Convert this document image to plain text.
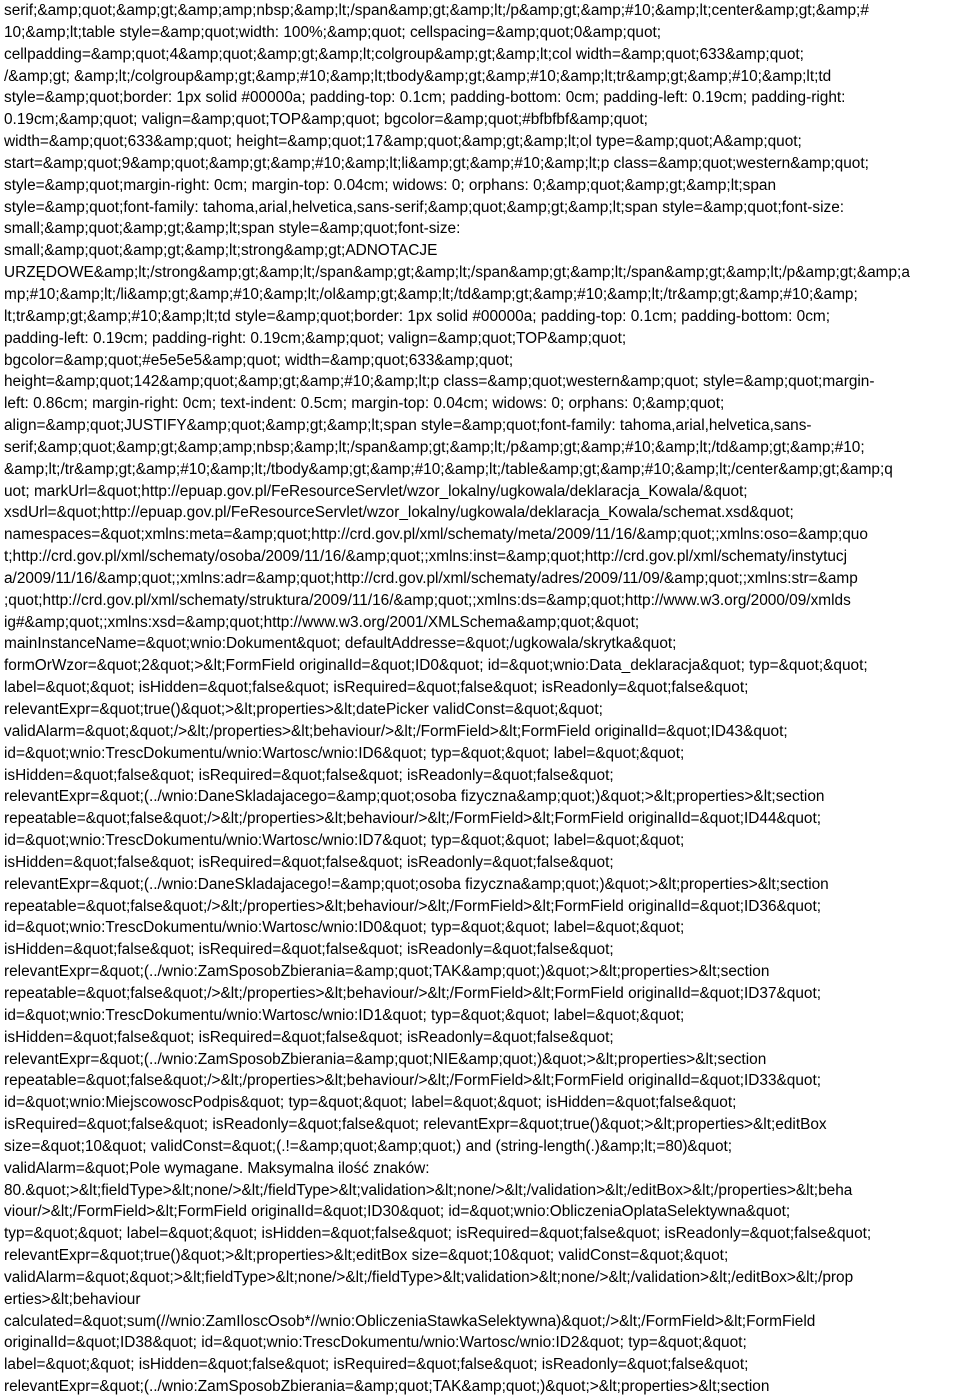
serif;&amp;quot;&amp;gt;&amp;amp;nbsp;&amp;lt;/span&amp;gt;&amp;lt;/p&amp;gt;&amp;#10;&amp;lt;center&amp;gt;&amp;#
10;&amp;lt;table style=&amp;quot;width: 100%;&amp;quot; cellspacing=&amp;quot;0&amp;quot;
cellpadding=&amp;quot;4&amp;quot;&amp;gt;&amp;lt;colgroup&amp;gt;&amp;lt;col width=&amp;quot;633&amp;quot;
/&amp;gt; &amp;lt;/colgroup&amp;gt;&amp;#10;&amp;lt;tbody&amp;gt;&amp;#10;&amp;lt;tr&amp;gt;&amp;#10;&amp;lt;td
style=&amp;quot;border: 1px solid #00000a; padding-top: 0.1cm; padding-bottom: 0cm; padding-left: 0.19cm; padding-right:
0.19cm;&amp;quot; valign=&amp;quot;TOP&amp;quot; bgcolor=&amp;quot;#bfbfbf&amp;quot;
width=&amp;quot;633&amp;quot; height=&amp;quot;17&amp;quot;&amp;gt;&amp;lt;ol type=&amp;quot;A&amp;quot;
start=&amp;quot;9&amp;quot;&amp;gt;&amp;#10;&amp;lt;li&amp;gt;&amp;#10;&amp;lt;p class=&amp;quot;western&amp;quot;
style=&amp;quot;margin-right: 0cm; margin-top: 0.04cm; widows: 0; orphans: 0;&amp;quot;&amp;gt;&amp;lt;span
style=&amp;quot;font-family: tahoma,arial,helvetica,sans-serif;&amp;quot;&amp;gt;&amp;lt;span style=&amp;quot;font-size:
small;&amp;quot;&amp;gt;&amp;lt;span style=&amp;quot;font-size:
small;&amp;quot;&amp;gt;&amp;lt;strong&amp;gt;ADNOTACJE
URZĘDOWE&amp;lt;/strong&amp;gt;&amp;lt;/span&amp;gt;&amp;lt;/span&amp;gt;&amp;lt;/span&amp;gt;&amp;lt;/p&amp;gt;&amp;a
mp;#10;&amp;lt;/li&amp;gt;&amp;#10;&amp;lt;/ol&amp;gt;&amp;lt;/td&amp;gt;&amp;#10;&amp;lt;/tr&amp;gt;&amp;#10;&amp;
lt;tr&amp;gt;&amp;#10;&amp;lt;td style=&amp;quot;border: 1px solid #00000a; padding-top: 0.1cm; padding-bottom: 0cm;
padding-left: 0.19cm; padding-right: 0.19cm;&amp;quot; valign=&amp;quot;TOP&amp;quot;
bgcolor=&amp;quot;#e5e5e5&amp;quot; width=&amp;quot;633&amp;quot;
height=&amp;quot;142&amp;quot;&amp;gt;&amp;#10;&amp;lt;p class=&amp;quot;western&amp;quot; style=&amp;quot;margin-
left: 0.86cm; margin-right: 0cm; text-indent: 0.5cm; margin-top: 0.04cm; widows: 0; orphans: 0;&amp;quot;
align=&amp;quot;JUSTIFY&amp;quot;&amp;gt;&amp;lt;span style=&amp;quot;font-family: tahoma,arial,helvetica,sans-
serif;&amp;quot;&amp;gt;&amp;amp;nbsp;&amp;lt;/span&amp;gt;&amp;lt;/p&amp;gt;&amp;#10;&amp;lt;/td&amp;gt;&amp;#10;
&amp;lt;/tr&amp;gt;&amp;#10;&amp;lt;/tbody&amp;gt;&amp;#10;&amp;lt;/table&amp;gt;&amp;#10;&amp;lt;/center&amp;gt;&amp;q
uot; markUrl=&quot;http://epuap.gov.pl/FeResourceServlet/wzor_lokalny/ugkowala/deklaracja_Kowala/&quot;
xsdUrl=&quot;http://epuap.gov.pl/FeResourceServlet/wzor_lokalny/ugkowala/deklaracja_Kowala/schemat.xsd&quot;
namespaces=&quot;xmlns:meta=&amp;quot;http://crd.gov.pl/xml/schematy/meta/2009/11/16/&amp;quot;;xmlns:oso=&amp;quo
t;http://crd.gov.pl/xml/schematy/osoba/2009/11/16/&amp;quot;;xmlns:inst=&amp;quot;http://crd.gov.pl/xml/schematy/instytucj
a/2009/11/16/&amp;quot;;xmlns:adr=&amp;quot;http://crd.gov.pl/xml/schematy/adres/2009/11/09/&amp;quot;;xmlns:str=&amp
;quot;http://crd.gov.pl/xml/schematy/struktura/2009/11/16/&amp;quot;;xmlns:ds=&amp;quot;http://www.w3.org/2000/09/xmlds
ig#&amp;quot;;xmlns:xsd=&amp;quot;http://www.w3.org/2001/XMLSchema&amp;quot;&quot;
mainInstanceName=&quot;wnio:Dokument&quot; defaultAddresse=&quot;/ugkowala/skrytka&quot;
formOrWzor=&quot;2&quot;>&lt;FormField originalId=&quot;ID0&quot; id=&quot;wnio:Data_deklaracja&quot; typ=&quot;&quot;
label=&quot;&quot; isHidden=&quot;false&quot; isRequired=&quot;false&quot; isReadonly=&quot;false&quot;
relevantExpr=&quot;true()&quot;>&lt;properties>&lt;datePicker validConst=&quot;&quot;
validAlarm=&quot;&quot;/>&lt;/properties>&lt;behaviour/>&lt;/FormField>&lt;FormField originalId=&quot;ID43&quot;
id=&quot;wnio:TrescDokumentu/wnio:Wartosc/wnio:ID6&quot; typ=&quot;&quot; label=&quot;&quot;
isHidden=&quot;false&quot; isRequired=&quot;false&quot; isReadonly=&quot;false&quot;
relevantExpr=&quot;(../wnio:DaneSkladajacego=&amp;quot;osoba fizyczna&amp;quot;)&quot;>&lt;properties>&lt;section
repeatable=&quot;false&quot;/>&lt;/properties>&lt;behaviour/>&lt;/FormField>&lt;FormField originalId=&quot;ID44&quot;
id=&quot;wnio:TrescDokumentu/wnio:Wartosc/wnio:ID7&quot; typ=&quot;&quot; label=&quot;&quot;
isHidden=&quot;false&quot; isRequired=&quot;false&quot; isReadonly=&quot;false&quot;
relevantExpr=&quot;(../wnio:DaneSkladajacego!=&amp;quot;osoba fizyczna&amp;quot;)&quot;>&lt;properties>&lt;section
repeatable=&quot;false&quot;/>&lt;/properties>&lt;behaviour/>&lt;/FormField>&lt;FormField originalId=&quot;ID36&quot;
id=&quot;wnio:TrescDokumentu/wnio:Wartosc/wnio:ID0&quot; typ=&quot;&quot; label=&quot;&quot;
isHidden=&quot;false&quot; isRequired=&quot;false&quot; isReadonly=&quot;false&quot;
relevantExpr=&quot;(../wnio:ZamSposobZbierania=&amp;quot;TAK&amp;quot;)&quot;>&lt;properties>&lt;section
repeatable=&quot;false&quot;/>&lt;/properties>&lt;behaviour/>&lt;/FormField>&lt;FormField originalId=&quot;ID37&quot;
id=&quot;wnio:TrescDokumentu/wnio:Wartosc/wnio:ID1&quot; typ=&quot;&quot; label=&quot;&quot;
isHidden=&quot;false&quot; isRequired=&quot;false&quot; isReadonly=&quot;false&quot;
relevantExpr=&quot;(../wnio:ZamSposobZbierania=&amp;quot;NIE&amp;quot;)&quot;>&lt;properties>&lt;section
repeatable=&quot;false&quot;/>&lt;/properties>&lt;behaviour/>&lt;/FormField>&lt;FormField originalId=&quot;ID33&quot;
id=&quot;wnio:MiejscowoscPodpis&quot; typ=&quot;&quot; label=&quot;&quot; isHidden=&quot;false&quot;
isRequired=&quot;false&quot; isReadonly=&quot;false&quot; relevantExpr=&quot;true()&quot;>&lt;properties>&lt;editBox
size=&quot;10&quot; validConst=&quot;(.!=&amp;quot;&amp;quot;) and (string-length(.)&amp;lt;=80)&quot;
validAlarm=&quot;Pole wymagane. Maksymalna ilość znaków:
80.&quot;>&lt;fieldType>&lt;none/>&lt;/fieldType>&lt;validation>&lt;none/>&lt;/validation>&lt;/editBox>&lt;/properties>&lt;beha
viour/>&lt;/FormField>&lt;FormField originalId=&quot;ID30&quot; id=&quot;wnio:ObliczeniaOplataSelektywna&quot;
typ=&quot;&quot; label=&quot;&quot; isHidden=&quot;false&quot; isRequired=&quot;false&quot; isReadonly=&quot;false&quot;
relevantExpr=&quot;true()&quot;>&lt;properties>&lt;editBox size=&quot;10&quot; validConst=&quot;&quot;
validAlarm=&quot;&quot;>&lt;fieldType>&lt;none/>&lt;/fieldType>&lt;validation>&lt;none/>&lt;/validation>&lt;/editBox>&lt;/prop
erties>&lt;behaviour
calculated=&quot;sum(//wnio:ZamIloscOsob*//wnio:ObliczeniaStawkaSelektywna)&quot;/>&lt;/FormField>&lt;FormField
originalId=&quot;ID38&quot; id=&quot;wnio:TrescDokumentu/wnio:Wartosc/wnio:ID2&quot; typ=&quot;&quot;
label=&quot;&quot; isHidden=&quot;false&quot; isRequired=&quot;false&quot; isReadonly=&quot;false&quot;
relevantExpr=&quot;(../wnio:ZamSposobZbierania=&amp;quot;TAK&amp;quot;)&quot;>&lt;properties>&lt;section
